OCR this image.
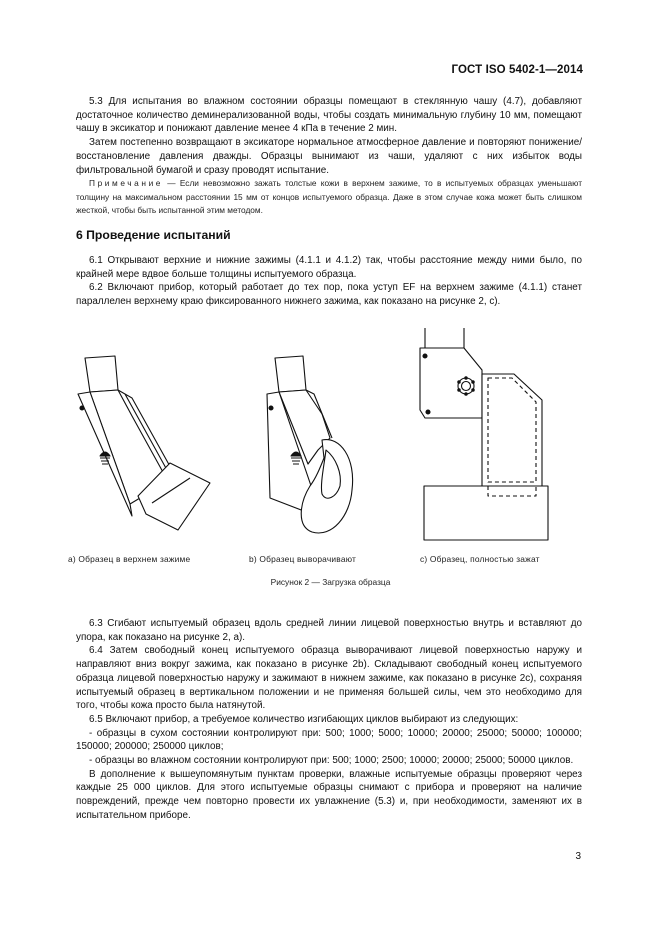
ГОСТ ISO 5402-1—2014

5.3 Для испытания во влажном состоянии образцы помещают в стеклянную чашу (4.7), добавляют достаточное количество деминерализованной воды, чтобы создать минимальную глубину 10 мм, помещают чашу в эксикатор и понижают давление менее 4 кПа в течение 2 мин.

Затем постепенно возвращают в эксикаторе нормальное атмосферное давление и повторяют понижение/восстановление давления дважды. Образцы вынимают из чаши, удаляют с них избыток воды фильтровальной бумагой и сразу проводят испытание.

Примечание — Если невозможно зажать толстые кожи в верхнем зажиме, то в испытуемых образцах уменьшают толщину на максимальном расстоянии 15 мм от концов испытуемого образца. Даже в этом случае кожа может быть слишком жесткой, чтобы быть испытанной этим методом.

6 Проведение испытаний

6.1 Открывают верхние и нижние зажимы (4.1.1 и 4.1.2) так, чтобы расстояние между ними было, по крайней мере вдвое больше толщины испытуемого образца.

6.2 Включают прибор, который работает до тех пор, пока уступ EF на верхнем зажиме (4.1.1) станет параллелен верхнему краю фиксированного нижнего зажима, как показано на рисунке 2, с).

а) Образец в верхнем зажиме	b) Образец выворачивают	с) Образец, полностью зажат
Рисунок 2 — Загрузка образца

6.3 Сгибают испытуемый образец вдоль средней линии лицевой поверхностью внутрь и вставляют до упора, как показано на рисунке 2, а).

6.4 Затем свободный конец испытуемого образца выворачивают лицевой поверхностью наружу и направляют вниз вокруг зажима, как показано в рисунке 2b). Складывают свободный конец испытуемого образца лицевой поверхностью наружу и зажимают в нижнем зажиме, как показано в рисунке 2с), сохраняя испытуемый образец в вертикальном положении и не применяя большей силы, чем это необходимо для того, чтобы кожа просто была натянутой.

6.5 Включают прибор, а требуемое количество изгибающих циклов выбирают из следующих:

- образцы в сухом состоянии контролируют при: 500; 1000; 5000; 10000; 20000; 25000; 50000; 100000; 150000; 200000; 250000 циклов;

- образцы во влажном состоянии контролируют при: 500; 1000; 2500; 10000; 20000; 25000; 50000 циклов.

В дополнение к вышеупомянутым пунктам проверки, влажные испытуемые образцы проверяют через каждые 25 000 циклов. Для этого испытуемые образцы снимают с прибора и проверяют на наличие повреждений, прежде чем повторно провести их увлажнение (5.3) и, при необходимости, заменяют их в испытательном приборе.

3
